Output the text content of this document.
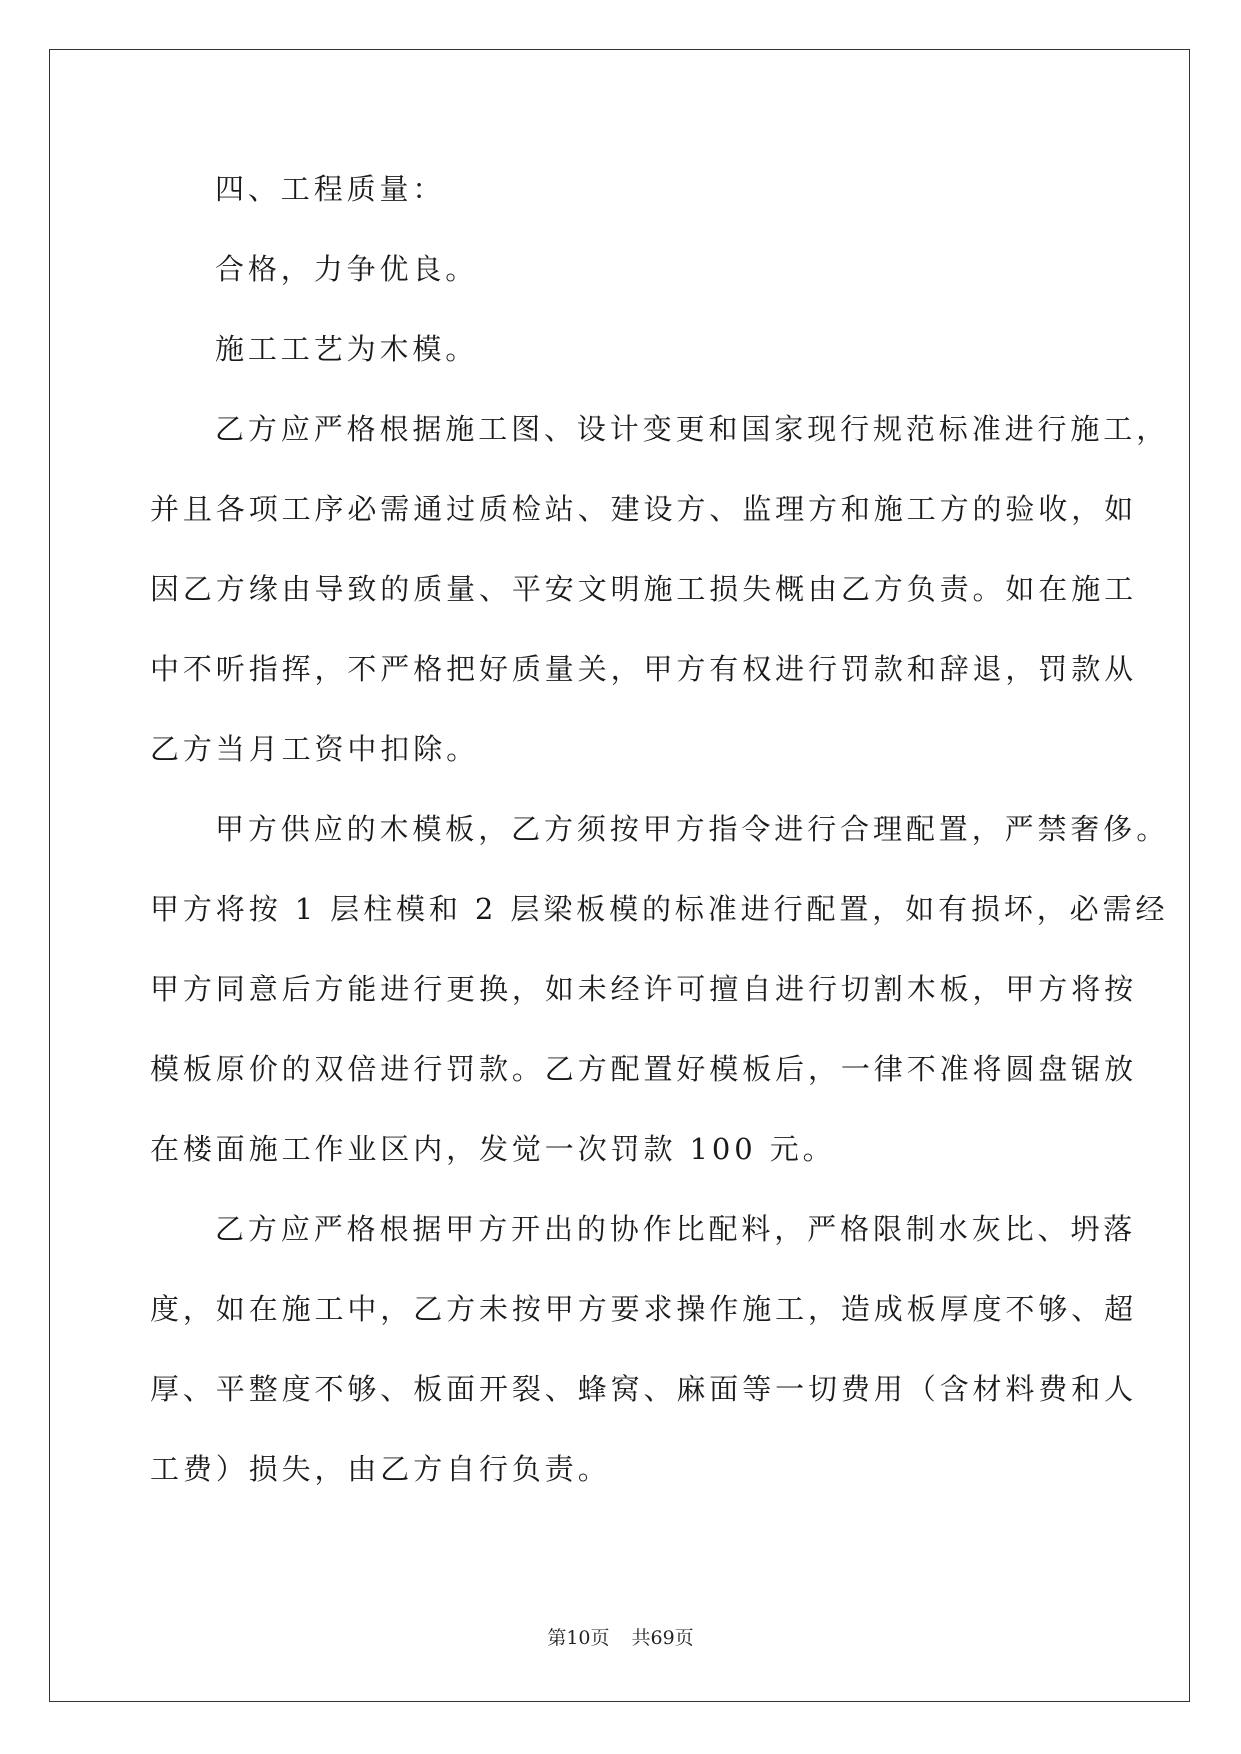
四、工程质量：
合格，力争优良。
施工工艺为木模。
乙方应严格根据施工图、设计变更和国家现行规范标准进行施工，
并且各项工序必需通过质检站、建设方、监理方和施工方的验收，如
因乙方缘由导致的质量、平安文明施工损失概由乙方负责。如在施工
中不听指挥，不严格把好质量关，甲方有权进行罚款和辞退，罚款从
乙方当月工资中扣除。
甲方供应的木模板，乙方须按甲方指令进行合理配置，严禁奢侈。
甲方将按 1 层柱模和 2 层梁板模的标准进行配置，如有损坏，必需经
甲方同意后方能进行更换，如未经许可擅自进行切割木板，甲方将按
模板原价的双倍进行罚款。乙方配置好模板后，一律不准将圆盘锯放
在楼面施工作业区内，发觉一次罚款 100 元。
乙方应严格根据甲方开出的协作比配料，严格限制水灰比、坍落
度，如在施工中，乙方未按甲方要求操作施工，造成板厚度不够、超
厚、平整度不够、板面开裂、蜂窝、麻面等一切费用（含材料费和人
工费）损失，由乙方自行负责。
第10页 共69页
